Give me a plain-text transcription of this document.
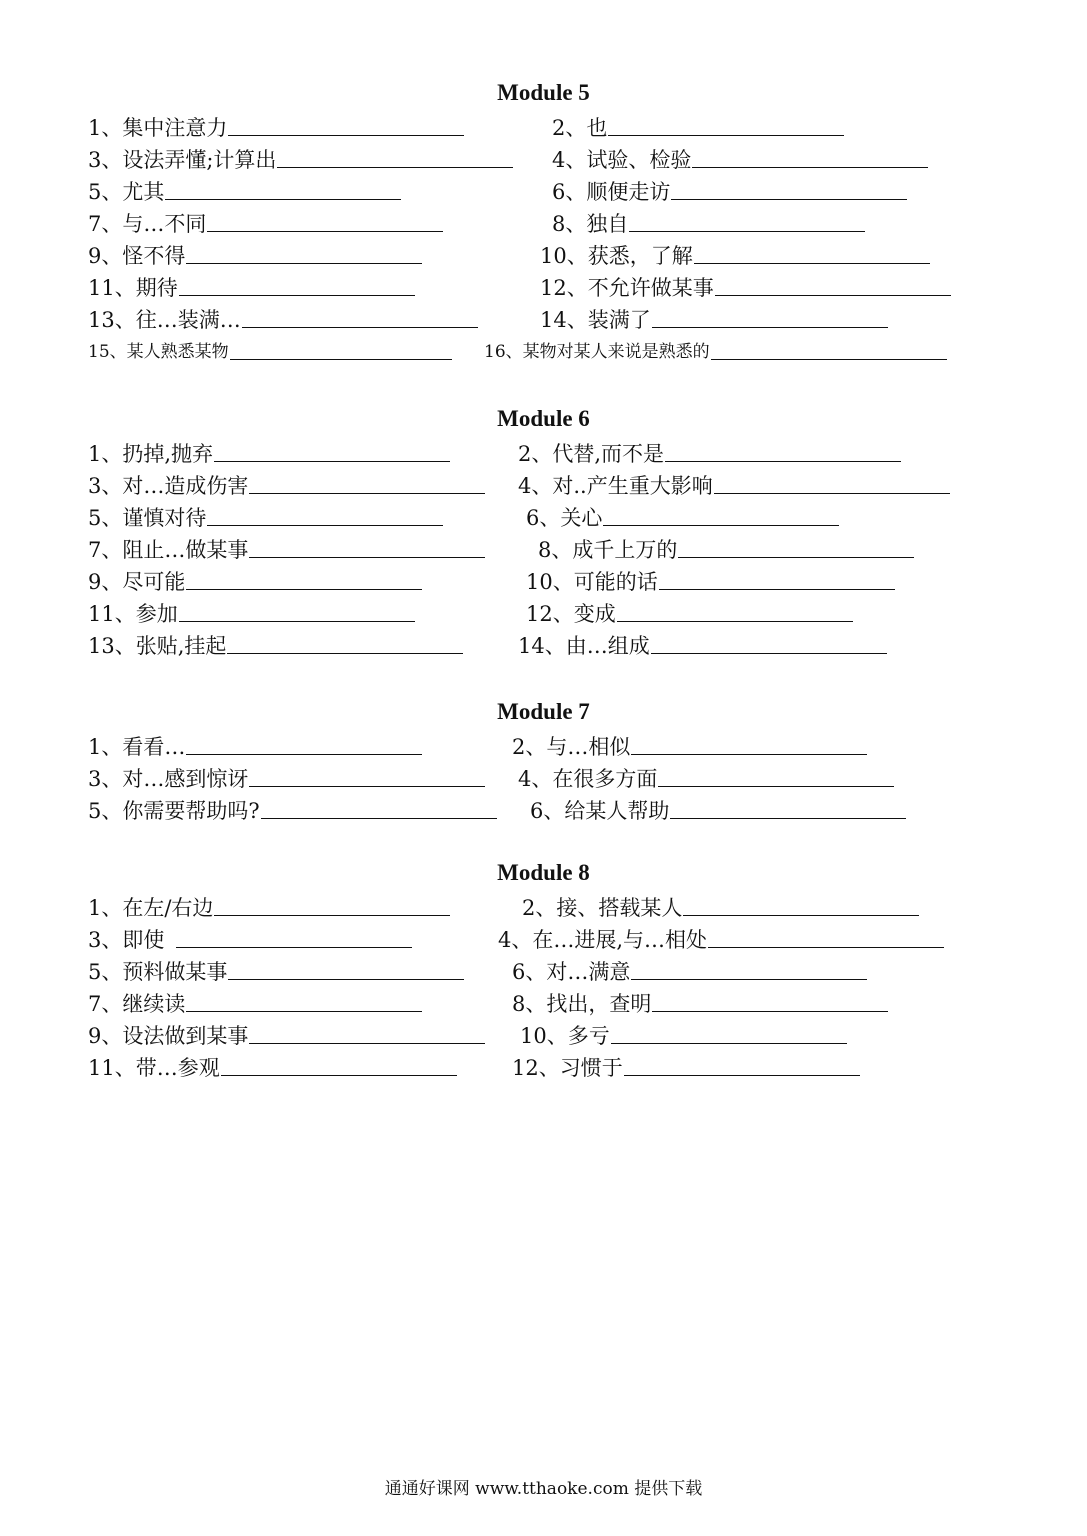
Module 5
1、集中注意力	2、也
3、设法弄懂;计算出	4、试验、检验
5、尤其	6、顺便走访
7、与…不同	8、独自
9、怪不得	10、获悉，了解
11、期待	12、不允许做某事
13、往…装满…	14、装满了
15、某人熟悉某物	16、某物对某人来说是熟悉的
Module 6
1、扔掉,抛弃	2、代替,而不是
3、对…造成伤害	4、对..产生重大影响
5、谨慎对待	6、关心
7、阻止…做某事	8、成千上万的
9、尽可能	10、可能的话
11、参加	12、变成
13、张贴,挂起	14、由…组成
Module 7
1、看看…	2、与…相似
3、对…感到惊讶	4、在很多方面
5、你需要帮助吗?	6、给某人帮助
Module 8
1、在左/右边	2、接、搭载某人
3、即使	4、在…进展,与…相处
5、预料做某事	6、对…满意
7、继续读	8、找出，查明
9、设法做到某事	10、多亏
11、带…参观	12、习惯于
通通好课网 www.tthaoke.com 提供下载
